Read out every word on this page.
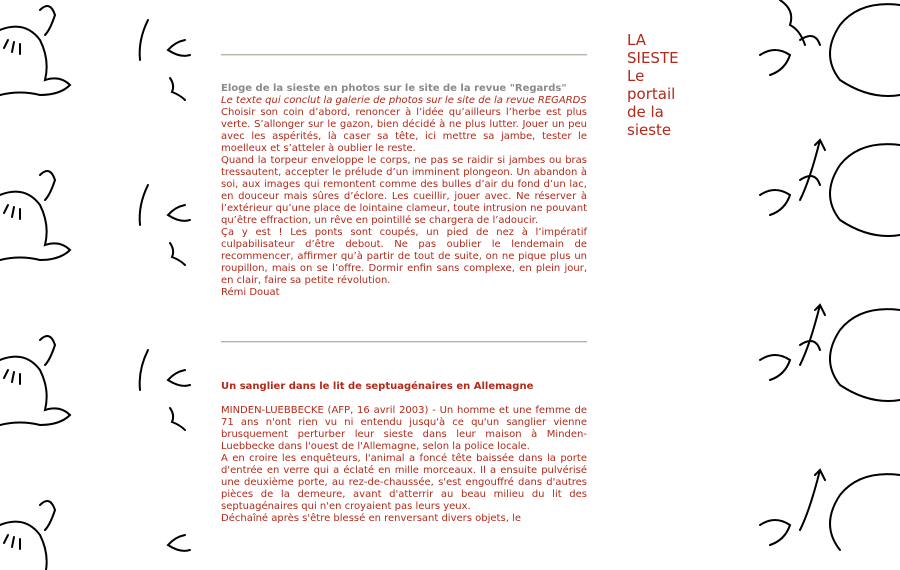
LA SIESTE
Le portail de la sieste
Eloge de la sieste en photos sur le site de la revue "Regards"
Le texte qui conclut la galerie de photos sur le site de la revue REGARDS

Choisir son coin d’abord, renoncer à l’idée qu’ailleurs l’herbe est plus verte. S’allonger sur le gazon, bien décidé à ne plus lutter. Jouer un peu avec les aspérités, là caser sa tête, ici mettre sa jambe, tester le moelleux et s’atteler à oublier le reste.

Quand la torpeur enveloppe le corps, ne pas se raidir si jambes ou bras tressautent, accepter le prélude d’un imminent plongeon. Un abandon à soi, aux images qui remontent comme des bulles d’air du fond d’un lac, en douceur mais sûres d’éclore. Les cueillir, jouer avec. Ne réserver à l’extérieur qu’une place de lointaine clameur, toute intrusion ne pouvant qu’être effraction, un rêve en pointillé se chargera de l’adoucir.

Ça y est ! Les ponts sont coupés, un pied de nez à l’impératif culpabilisateur d’être debout. Ne pas oublier le lendemain de recommencer, affirmer qu’à partir de tout de suite, on ne pique plus un roupillon, mais on se l’offre. Dormir enfin sans complexe, en plein jour, en clair, faire sa petite révolution.

Rémi Douat
Un sanglier dans le lit de septuagénaires en Allemagne

MINDEN-LUEBBECKE (AFP, 16 avril 2003) - Un homme et une femme de 71 ans n'ont rien vu ni entendu jusqu'à ce qu'un sanglier vienne brusquement perturber leur sieste dans leur maison à Minden-Luebbecke dans l'ouest de l'Allemagne, selon la police locale.

A en croire les enquêteurs, l'animal a foncé tête baissée dans la porte d'entrée en verre qui a éclaté en mille morceaux. Il a ensuite pulvérisé une deuxième porte, au rez-de-chaussée, s'est engouffré dans d'autres pièces de la demeure, avant d'atterrir au beau milieu du lit des septuagénaires qui n'en croyaient pas leurs yeux.

Déchaîné après s'être blessé en renversant divers objets, le
